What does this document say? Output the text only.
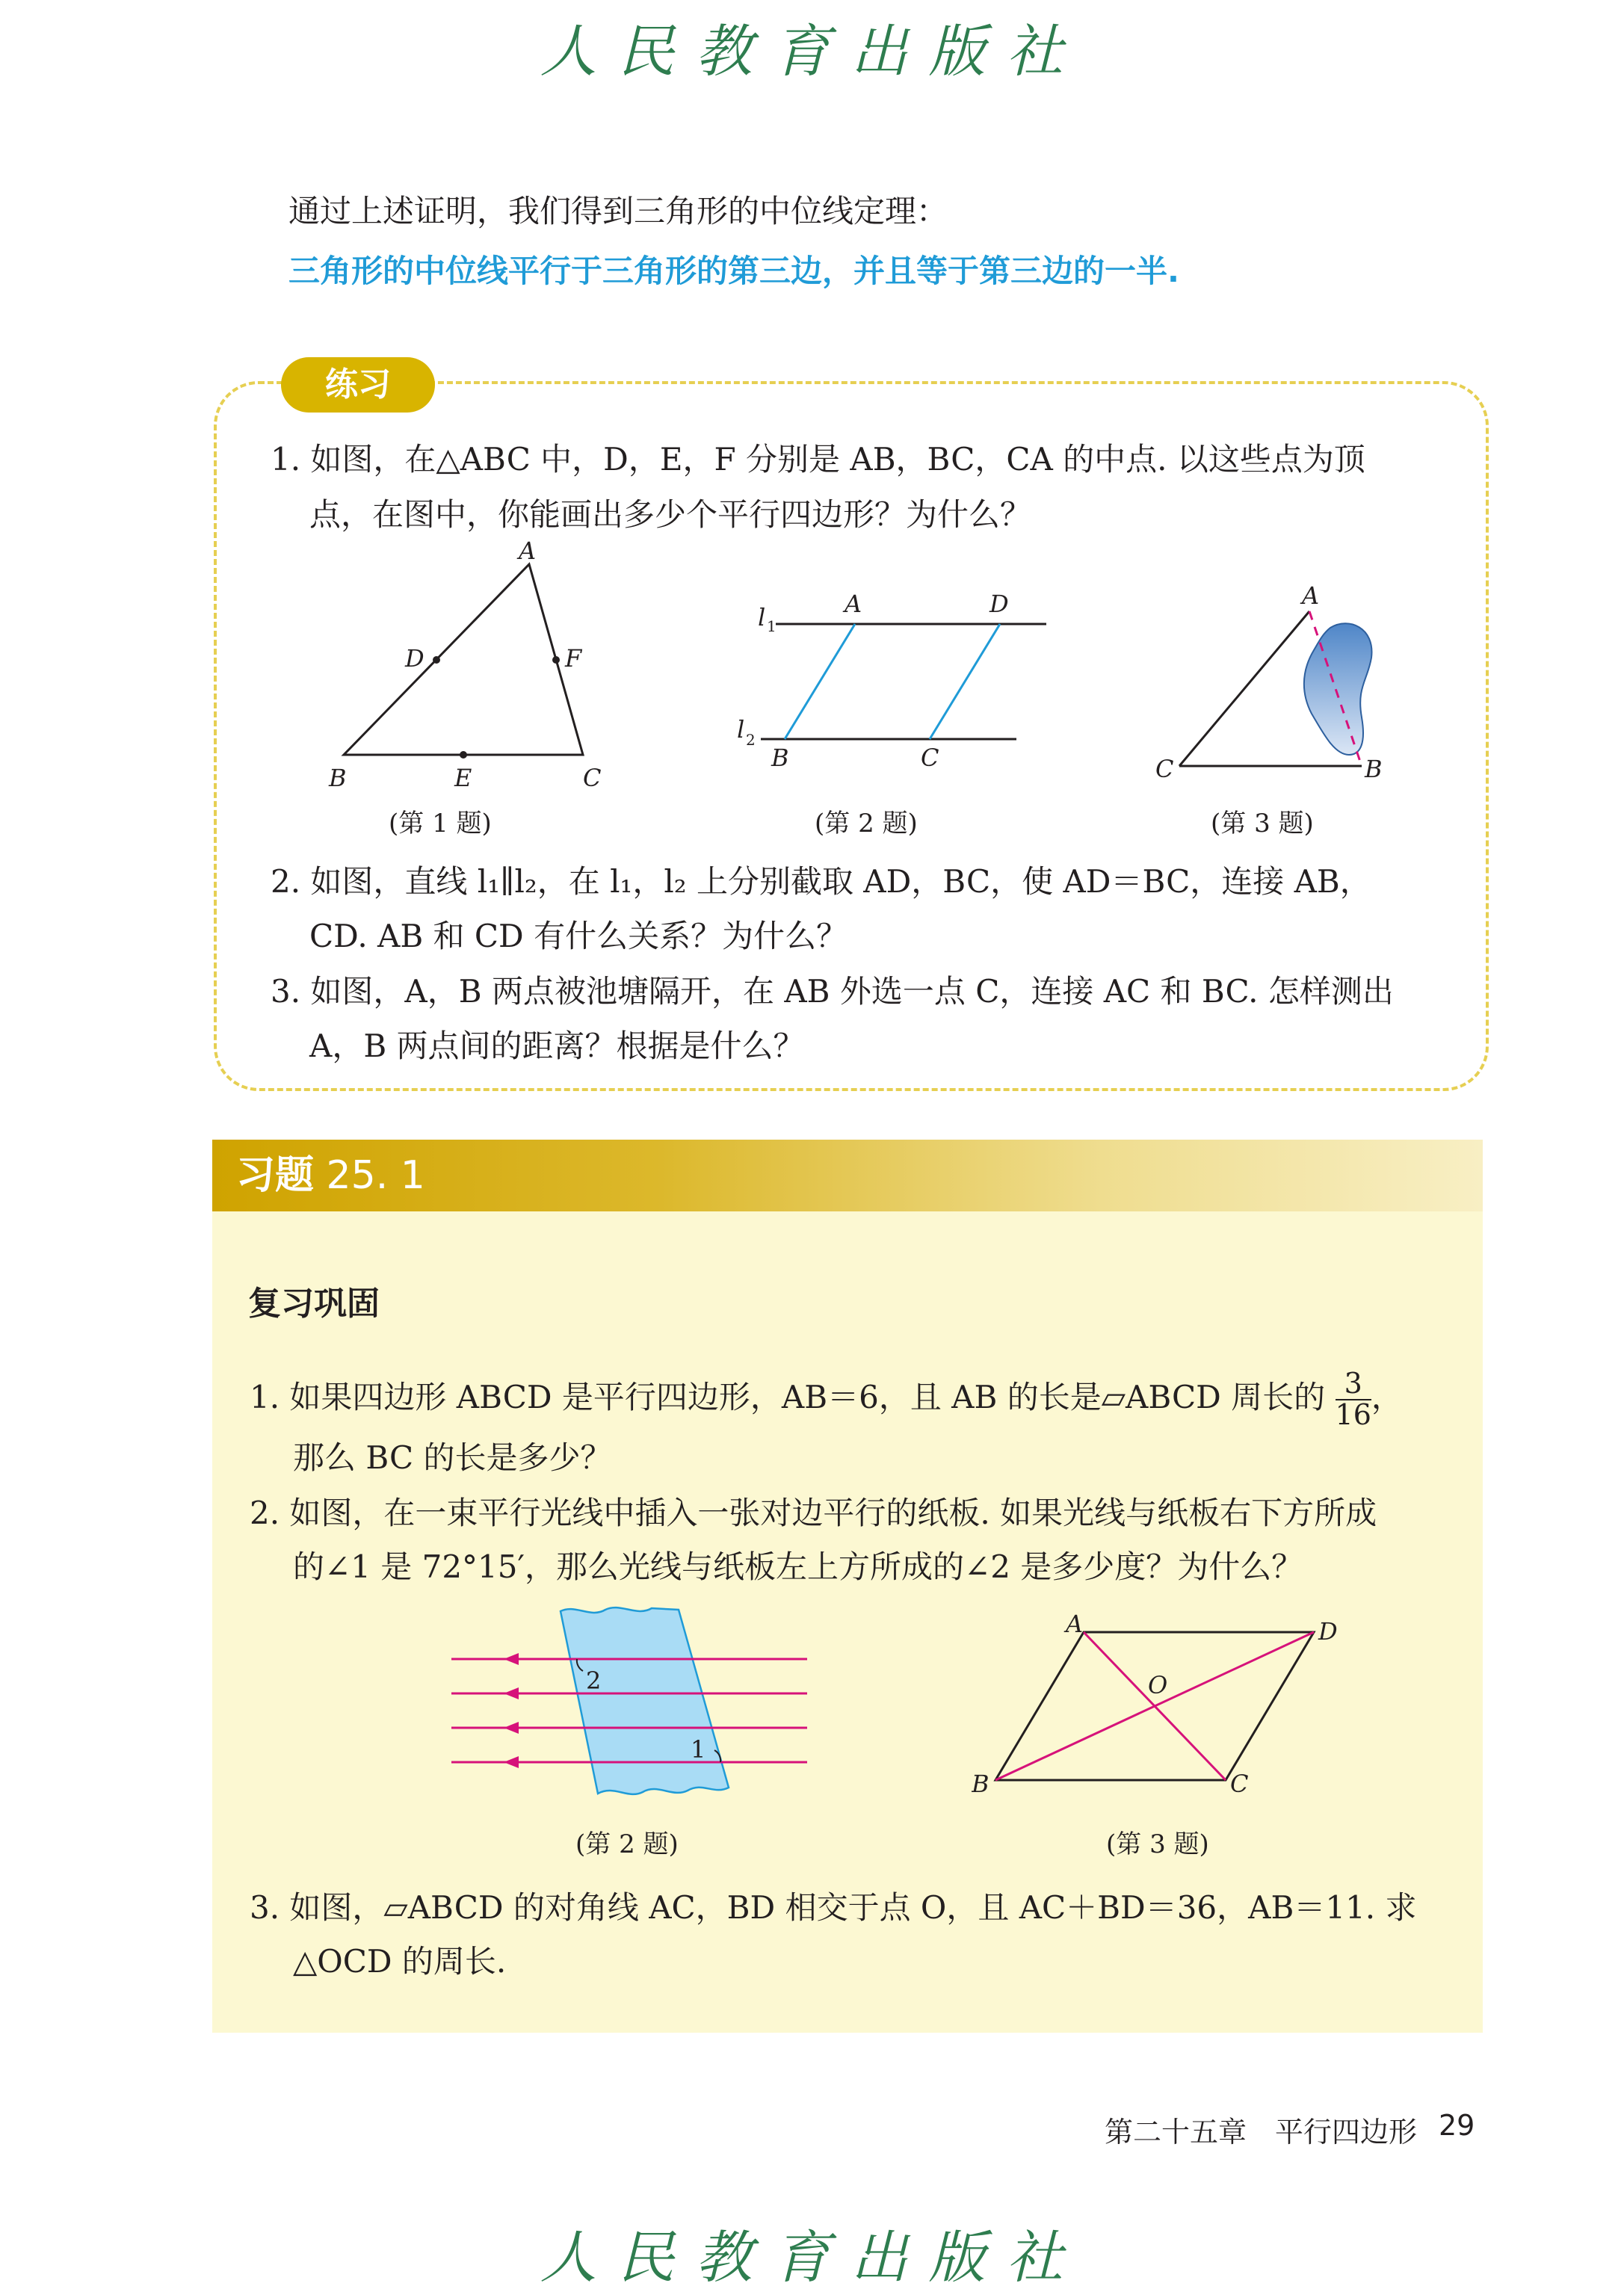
人民教育出版社
通过上述证明，我们得到三角形的中位线定理：
三角形的中位线平行于三角形的第三边，并且等于第三边的一半.
练习
1. 如图，在△ABC 中，D，E，F 分别是 AB，BC，CA 的中点. 以这些点为顶
点，在图中，你能画出多少个平行四边形？为什么？
A
B	C
D
E
F
(第 1 题)
l 1
l 2
A	D
B	C
(第 2 题)
A
C	B
(第 3 题)
2. 如图，直线 l₁∥l₂，在 l₁，l₂ 上分别截取 AD，BC，使 AD＝BC，连接 AB，
CD. AB 和 CD 有什么关系？为什么？
3. 如图，A，B 两点被池塘隔开，在 AB 外选一点 C，连接 AC 和 BC. 怎样测出
A，B 两点间的距离？根据是什么？
习题 25. 1
复习巩固
1. 如果四边形 ABCD 是平行四边形，AB＝6，且 AB 的长是▱ABCD 周长的 $\frac{3}{16}$ ，
那么 BC 的长是多少？
2. 如图，在一束平行光线中插入一张对边平行的纸板. 如果光线与纸板右下方所成
的∠1 是 72°15′，那么光线与纸板左上方所成的∠2 是多少度？为什么？
2
1
(第 2 题)
A	D
B	C
O
(第 3 题)
3. 如图，▱ABCD 的对角线 AC，BD 相交于点 O，且 AC＋BD＝36，AB＝11. 求
△OCD 的周长.
第二十五章　平行四边形 29
人民教育出版社
